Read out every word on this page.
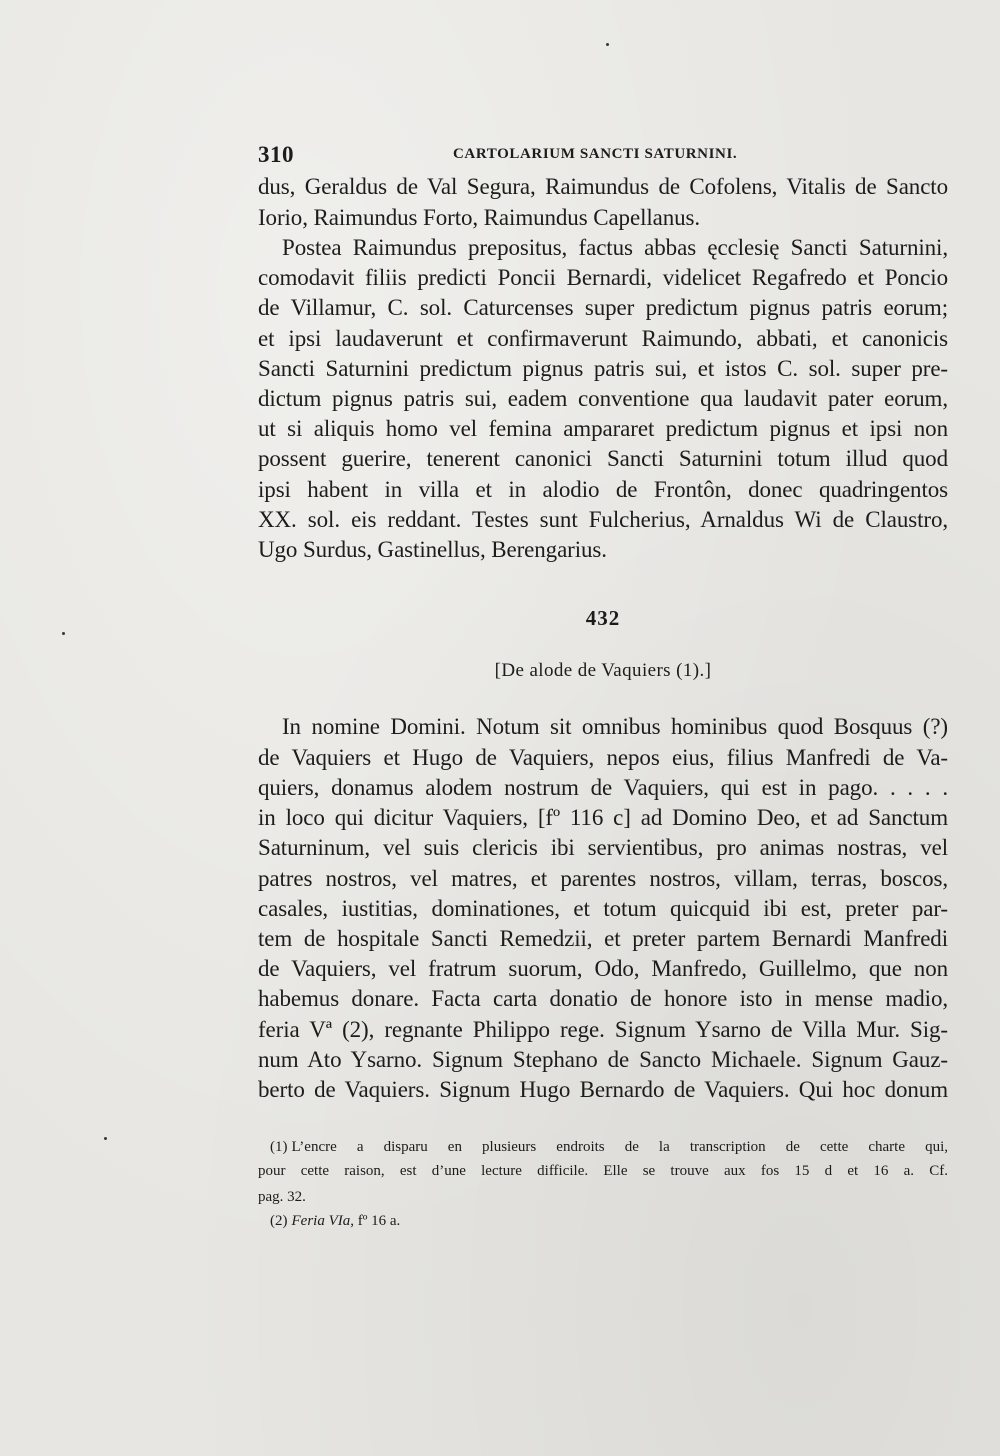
310	CARTOLARIUM SANCTI SATURNINI.
dus, Geraldus de Val Segura, Raimundus de Cofolens, Vitalis de Sancto
Iorio, Raimundus Forto, Raimundus Capellanus.
Postea Raimundus prepositus, factus abbas ęcclesię Sancti Saturnini,
comodavit filiis predicti Poncii Bernardi, videlicet Regafredo et Poncio
de Villamur, C. sol. Caturcenses super predictum pignus patris eorum;
et ipsi laudaverunt et confirmaverunt Raimundo, abbati, et canonicis
Sancti Saturnini predictum pignus patris sui, et istos C. sol. super pre-
dictum pignus patris sui, eadem conventione qua laudavit pater eorum,
ut si aliquis homo vel femina ampararet predictum pignus et ipsi non
possent guerire, tenerent canonici Sancti Saturnini totum illud quod
ipsi habent in villa et in alodio de Frontôn, donec quadringentos
XX. sol. eis reddant. Testes sunt Fulcherius, Arnaldus Wi de Claustro,
Ugo Surdus, Gastinellus, Berengarius.
432
[De alode de Vaquiers (1).]
In nomine Domini. Notum sit omnibus hominibus quod Bosquus (?)
de Vaquiers et Hugo de Vaquiers, nepos eius, filius Manfredi de Va-
quiers, donamus alodem nostrum de Vaquiers, qui est in pago. . . . .
in loco qui dicitur Vaquiers, [fº 116 c] ad Domino Deo, et ad Sanctum
Saturninum, vel suis clericis ibi servientibus, pro animas nostras, vel
patres nostros, vel matres, et parentes nostros, villam, terras, boscos,
casales, iustitias, dominationes, et totum quicquid ibi est, preter par-
tem de hospitale Sancti Remedzii, et preter partem Bernardi Manfredi
de Vaquiers, vel fratrum suorum, Odo, Manfredo, Guillelmo, que non
habemus donare. Facta carta donatio de honore isto in mense madio,
feria Vª (2), regnante Philippo rege. Signum Ysarno de Villa Mur. Sig-
num Ato Ysarno. Signum Stephano de Sancto Michaele. Signum Gauz-
berto de Vaquiers. Signum Hugo Bernardo de Vaquiers. Qui hoc donum
(1) L’encre a disparu en plusieurs endroits de la transcription de cette charte qui,
pour cette raison, est d’une lecture difficile. Elle se trouve aux fos 15 d et 16 a. Cf.
pag. 32.
(2) Feria VIa, fº 16 a.
